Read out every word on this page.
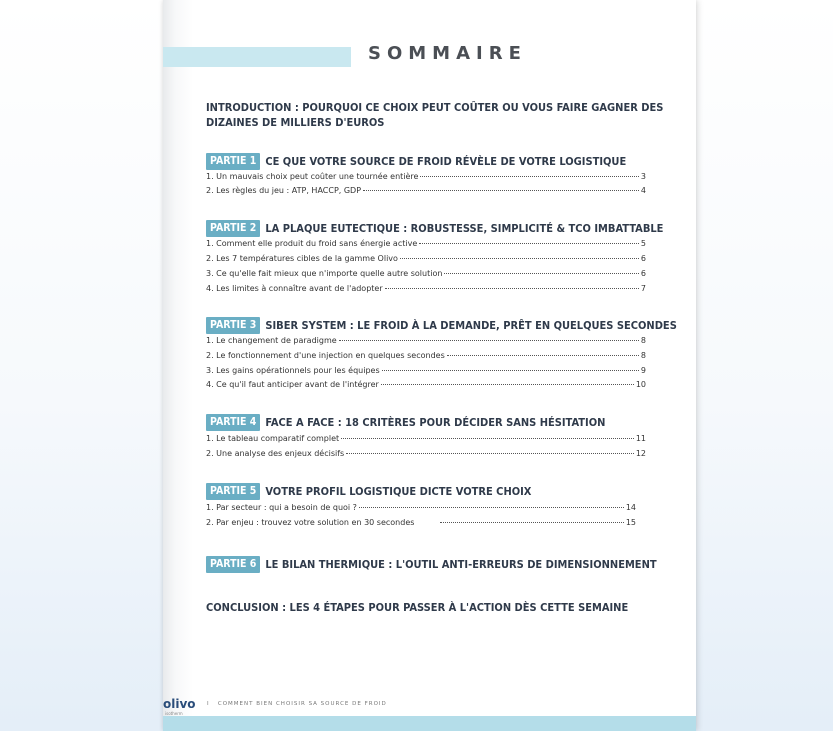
SOMMAIRE

INTRODUCTION : POURQUOI CE CHOIX PEUT COÛTER OU VOUS FAIRE GAGNER DES DIZAINES DE MILLIERS D'EUROS

PARTIE 1 CE QUE VOTRE SOURCE DE FROID RÉVÈLE DE VOTRE LOGISTIQUE

1. Un mauvais choix peut coûter une tournée entière	3
2. Les règles du jeu : ATP, HACCP, GDP	4

PARTIE 2 LA PLAQUE EUTECTIQUE : ROBUSTESSE, SIMPLICITÉ & TCO IMBATTABLE

1. Comment elle produit du froid sans énergie active	5
2. Les 7 températures cibles de la gamme Olivo	6
3. Ce qu'elle fait mieux que n'importe quelle autre solution	6
4. Les limites à connaître avant de l'adopter	7

PARTIE 3 SIBER SYSTEM : LE FROID À LA DEMANDE, PRÊT EN QUELQUES SECONDES

1. Le changement de paradigme	8
2. Le fonctionnement d'une injection en quelques secondes	8
3. Les gains opérationnels pour les équipes	9
4. Ce qu'il faut anticiper avant de l'intégrer	10

PARTIE 4 FACE A FACE : 18 CRITÈRES POUR DÉCIDER SANS HÉSITATION

1. Le tableau comparatif complet	11
2. Une analyse des enjeux décisifs	12

PARTIE 5 VOTRE PROFIL LOGISTIQUE DICTE VOTRE CHOIX

1. Par secteur : qui a besoin de quoi ?	14
2. Par enjeu : trouvez votre solution en 30 secondes	15

PARTIE 6 LE BILAN THERMIQUE : L'OUTIL ANTI-ERREURS DE DIMENSIONNEMENT

CONCLUSION : LES 4 ÉTAPES POUR PASSER À L'ACTION DÈS CETTE SEMAINE

olivo
isotherm
I COMMENT BIEN CHOISIR SA SOURCE DE FROID
